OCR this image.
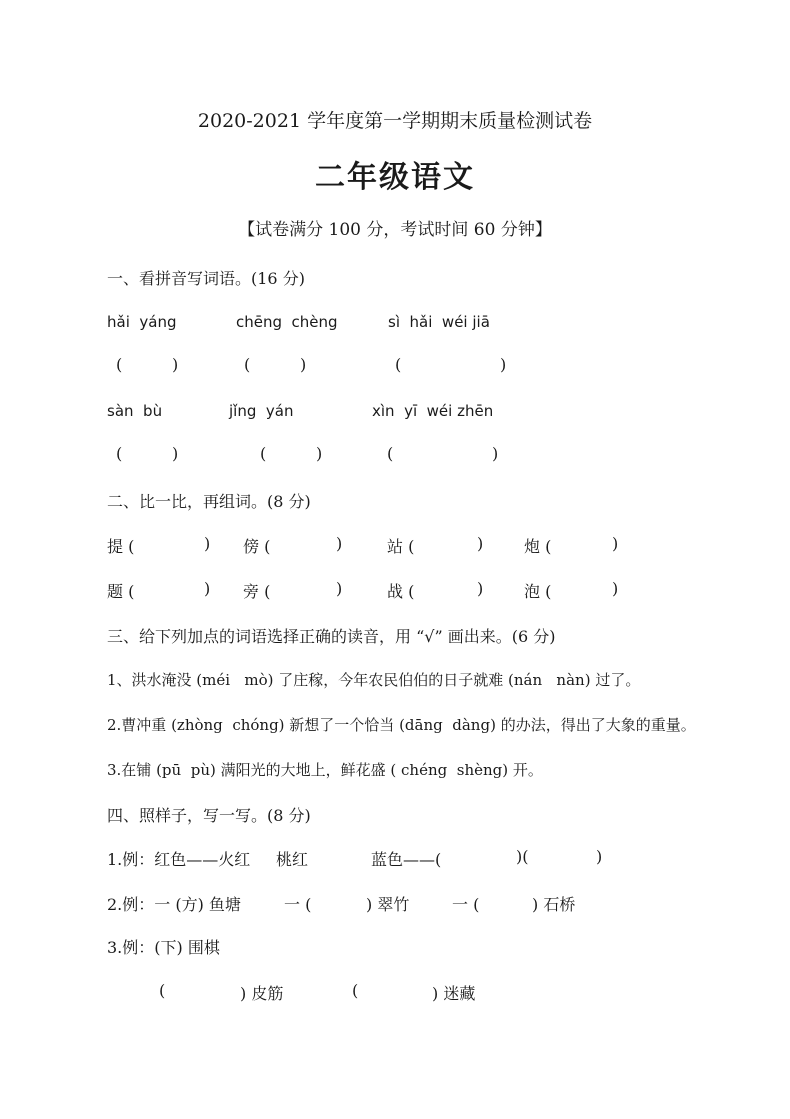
2020-2021 学年度第一学期期末质量检测试卷
二年级语文
【试卷满分 100 分，考试时间 60 分钟】
一、看拼音写词语。(16 分)
hǎi  yáng	chēng  chèng	sì  hǎi  wéi jiā
(	)	(	)	(	)
sàn  bù	jǐng  yán	xìn  yī  wéi zhēn
(	)	(	)	(	)
二、比一比，再组词。(8 分)
提 (	) 傍 (	)	站 (	)	炮 (	)
题 (	) 旁 (	)	战 (	)	泡 (	)
三、给下列加点的词语选择正确的读音，用 “√” 画出来。(6 分)
1、洪水淹没 (méi   mò) 了庄稼，今年农民伯伯的日子就难 (nán   nàn) 过了。
2.曹冲重 (zhòng  chóng) 新想了一个恰当 (dāng  dàng) 的办法，得出了大象的重量。
3.在铺 (pū  pù) 满阳光的大地上，鲜花盛 ( chéng  shèng) 开。
四、照样子，写一写。(8 分)
1.例：红色——火红 桃红	蓝色——(	)(	)
2.例：一 (方) 鱼塘	一 (	) 翠竹	一 (	) 石桥
3.例：(下) 围棋
(	) 皮筋	(	) 迷藏
